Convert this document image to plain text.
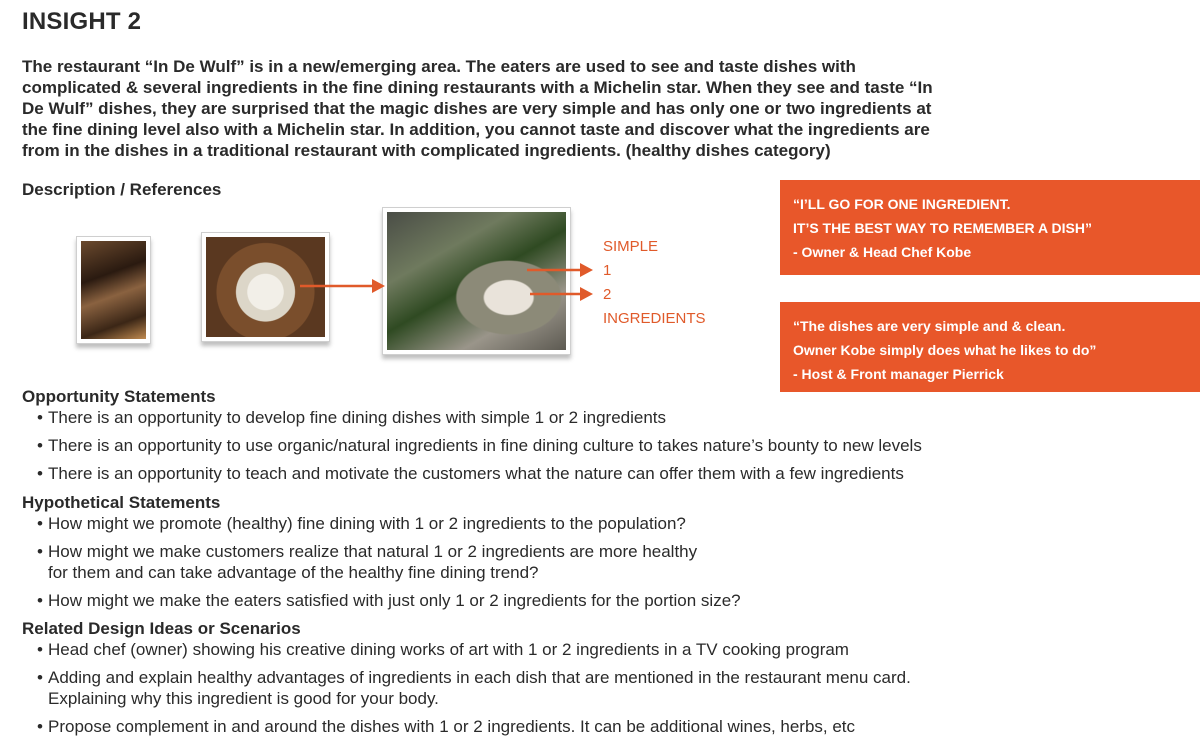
INSIGHT 2
The restaurant “In De Wulf” is in a new/emerging area. The eaters are used to see and taste dishes with
complicated & several ingredients in the fine dining restaurants with a Michelin star. When they see and taste “In
De Wulf” dishes, they are surprised that the magic dishes are very simple and has only one or two ingredients at
the fine dining level also with a Michelin star. In addition, you cannot taste and discover what the ingredients are
from in the dishes in a traditional restaurant with complicated ingredients. (healthy dishes category)
Description / References
SIMPLE
1
2
INGREDIENTS
“I’LL GO FOR ONE INGREDIENT.
IT’S THE BEST WAY TO REMEMBER A DISH”
- Owner & Head Chef Kobe
“The dishes are very simple and & clean.
Owner Kobe simply does what he likes to do”
- Host & Front manager Pierrick
Opportunity Statements
• There is an opportunity to develop fine dining dishes with simple 1 or 2 ingredients
• There is an opportunity to use organic/natural ingredients in fine dining culture to takes nature’s bounty to new levels
• There is an opportunity to teach and motivate the customers what the nature can offer them with a few ingredients
Hypothetical Statements
• How might we promote (healthy) fine dining with 1 or 2 ingredients to the population?
• How might we make customers realize that natural 1 or 2 ingredients are more healthy
for them and can take advantage of the healthy fine dining trend?
• How might we make the eaters satisfied with just only 1 or 2 ingredients for the portion size?
Related Design Ideas or Scenarios
• Head chef (owner) showing his creative dining works of art with 1 or 2 ingredients in a TV cooking program
• Adding and explain healthy advantages of ingredients in each dish that are mentioned in the restaurant menu card.
Explaining why this ingredient is good for your body.
• Propose complement in and around the dishes with 1 or 2 ingredients. It can be additional wines, herbs, etc
